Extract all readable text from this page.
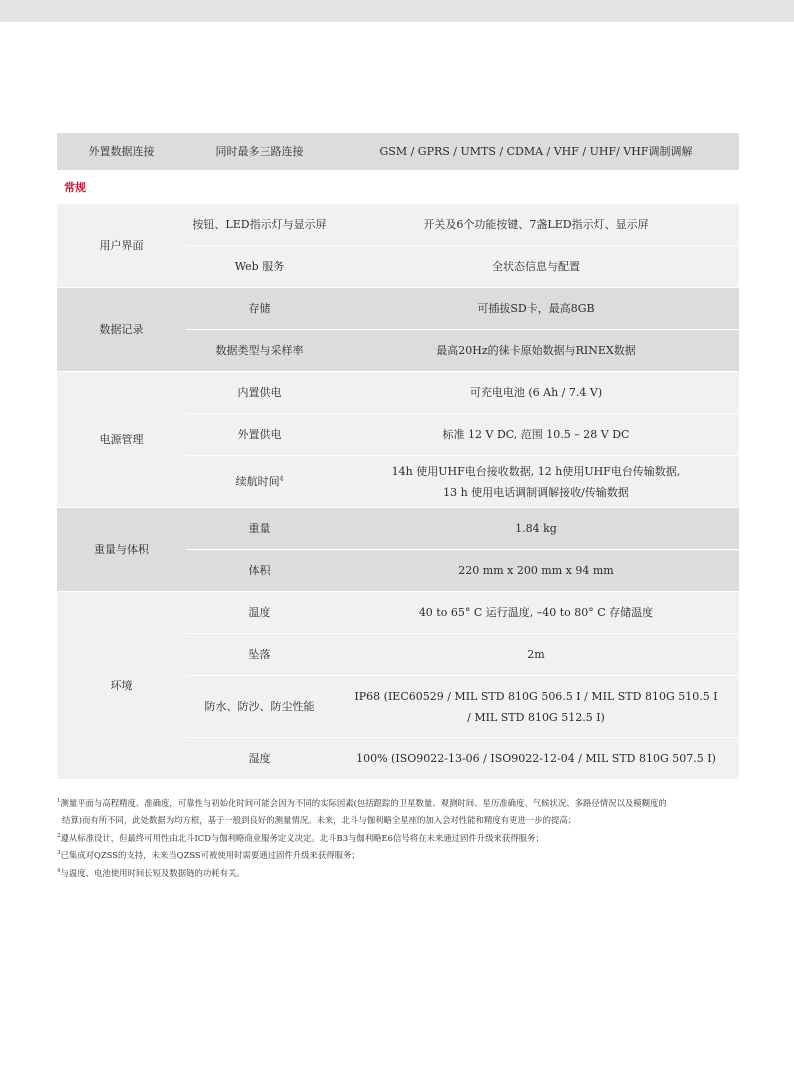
外置数据连接	同时最多三路连接	GSM / GPRS / UMTS / CDMA / VHF / UHF/ VHF调制调解
常规		
用户界面	按钮、LED指示灯与显示屏	开关及6个功能按键、7盏LED指示灯、显示屏
	Web 服务	全状态信息与配置
数据记录	存储	可插拔SD卡，最高8GB
	数据类型与采样率	最高20Hz的徕卡原始数据与RINEX数据
电源管理	内置供电	可充电电池 (6 Ah / 7.4 V)
	外置供电	标准 12 V DC, 范围 10.5 – 28 V DC
	续航时间$^4$	14h 使用UHF电台接收数据, 12 h使用UHF电台传输数据,
13 h 使用电话调制调解接收/传输数据

重量与体积	重量	1.84 kg
	体积	220 mm x 200 mm x 94 mm
环境	温度	40 to 65° C 运行温度, –40 to 80° C 存储温度
	坠落	2m
	防水、防沙、防尘性能	IP68 (IEC60529 / MIL STD 810G 506.5 I / MIL STD 810G 510.5 I
/ MIL STD 810G 512.5 I)

	湿度	100% (ISO9022-13-06 / ISO9022-12-04 / MIL STD 810G 507.5 I)

$^1$测量平面与高程精度、准确度，可靠性与初始化时间可能会因为不同的实际因素(包括跟踪的卫星数量、观测时间、星历准确度、气候状况、多路径情况以及模糊度的

结算)而有所不同，此处数据为均方根，基于一般到良好的测量情况。未来，北斗与伽利略全星座的加入会对性能和精度有更进一步的提高；

$^2$遵从标准设计，但最终可用性由北斗ICD与伽利略商业服务定义决定。北斗B3与伽利略E6信号将在未来通过固件升级来获得服务；

$^3$已集成对QZSS的支持，未来当QZSS可被使用时需要通过固件升级来获得服务；

$^4$与温度、电池使用时间长短及数据链的功耗有关。
